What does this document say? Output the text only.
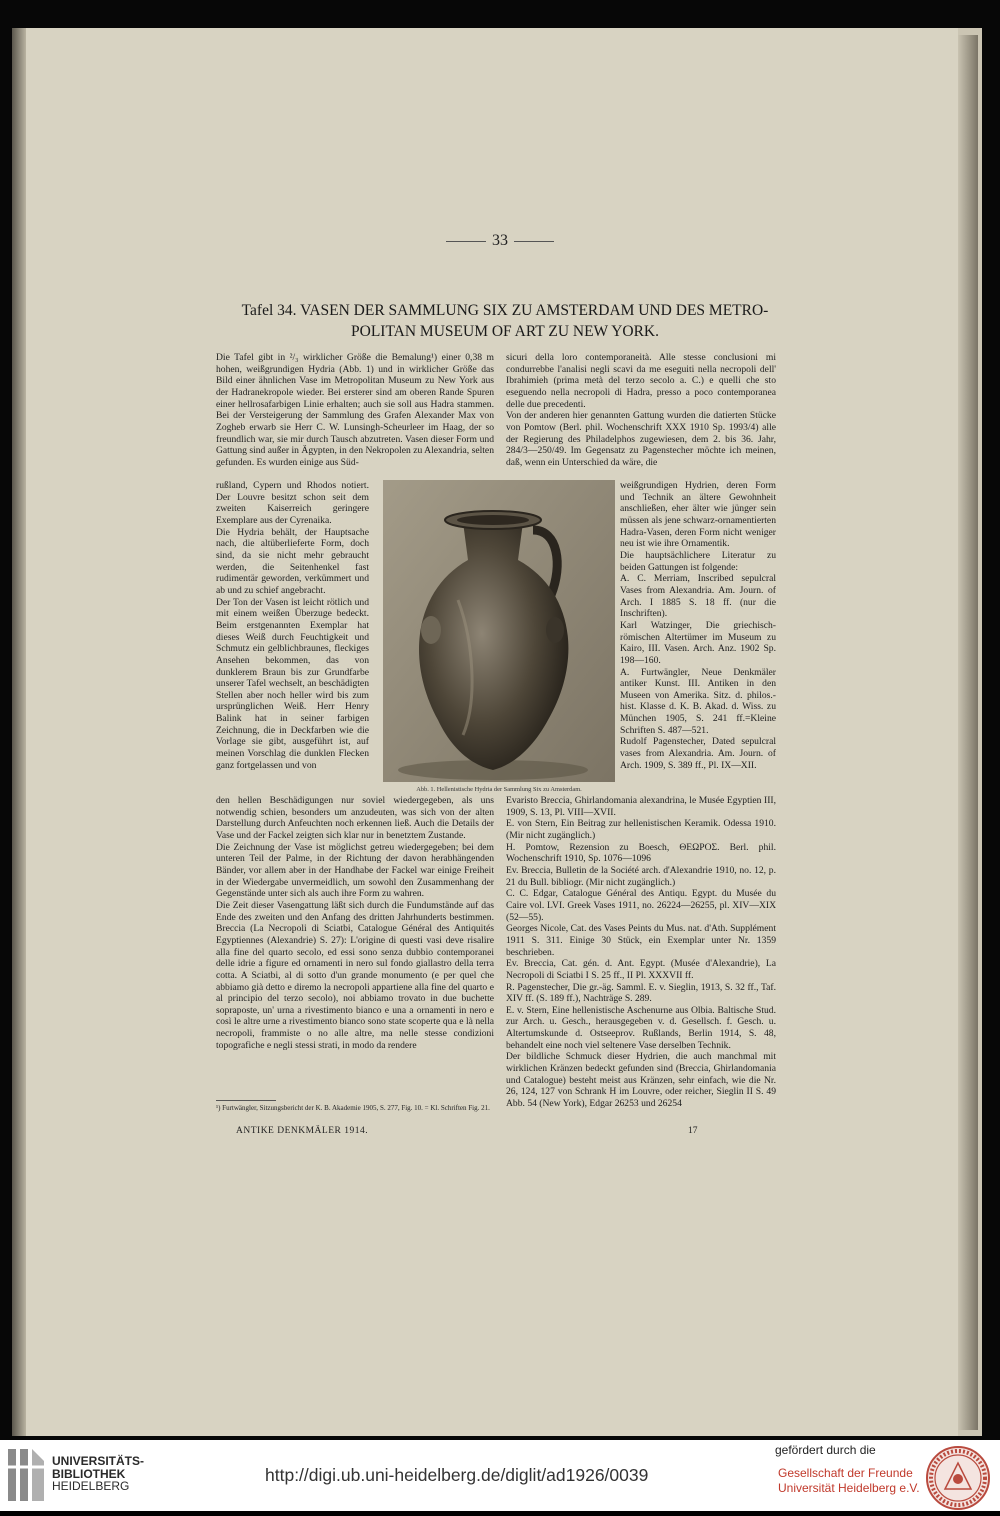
33
Tafel 34. VASEN DER SAMMLUNG SIX ZU AMSTERDAM UND DES METRO-
POLITAN MUSEUM OF ART ZU NEW YORK.
Die Tafel gibt in ²/₃ wirklicher Größe die Bemalung¹) einer 0,38 m hohen, weißgrundigen Hydria (Abb. 1) und in wirklicher Größe das Bild einer ähnlichen Vase im Metropolitan Museum zu New York aus der Hadranekropole wieder. Bei ersterer sind am oberen Rande Spuren einer hellrosafarbigen Linie erhalten; auch sie soll aus Hadra stammen. Bei der Versteigerung der Sammlung des Grafen Alexander Max von Zogheb erwarb sie Herr C. W. Lunsingh-Scheurleer im Haag, der so freundlich war, sie mir durch Tausch abzutreten. Vasen dieser Form und Gattung sind außer in Ägypten, in den Nekropolen zu Alexandria, selten gefunden. Es wurden einige aus Süd-
rußland, Cypern und Rhodos notiert. Der Louvre besitzt schon seit dem zweiten Kaiserreich geringere Exemplare aus der Cyrenaika.
Die Hydria behält, der Hauptsache nach, die altüberlieferte Form, doch sind, da sie nicht mehr gebraucht werden, die Seitenhenkel fast rudimentär geworden, verkümmert und ab und zu schief angebracht.
Der Ton der Vasen ist leicht rötlich und mit einem weißen Überzuge bedeckt. Beim erstgenannten Exemplar hat dieses Weiß durch Feuchtigkeit und Schmutz ein gelblichbraunes, fleckiges Ansehen bekommen, das von dunklerem Braun bis zur Grundfarbe unserer Tafel wechselt, an beschädigten Stellen aber noch heller wird bis zum ursprünglichen Weiß. Herr Henry Balink hat in seiner farbigen Zeichnung, die in Deckfarben wie die Vorlage sie gibt, ausgeführt ist, auf meinen Vorschlag die dunklen Flecken ganz fortgelassen und von
den hellen Beschädigungen nur soviel wiedergegeben, als uns notwendig schien, besonders um anzudeuten, was sich von der alten Darstellung durch Anfeuchten noch erkennen ließ. Auch die Details der Vase und der Fackel zeigten sich klar nur in benetztem Zustande.
Die Zeichnung der Vase ist möglichst getreu wiedergegeben; bei dem unteren Teil der Palme, in der Richtung der davon herabhängenden Bänder, vor allem aber in der Handhabe der Fackel war einige Freiheit in der Wiedergabe unvermeidlich, um sowohl den Zusammenhang der Gegenstände unter sich als auch ihre Form zu wahren.
Die Zeit dieser Vasengattung läßt sich durch die Fundumstände auf das Ende des zweiten und den Anfang des dritten Jahrhunderts bestimmen. Breccia (La Necropoli di Sciatbi, Catalogue Général des Antiquités Egyptiennes (Alexandrie) S. 27): L'origine di questi vasi deve risalire alla fine del quarto secolo, ed essi sono senza dubbio contemporanei delle idrie a figure ed ornamenti in nero sul fondo giallastro della terra cotta. A Sciatbi, al di sotto d'un grande monumento (e per quel che abbiamo già detto e diremo la necropoli appartiene alla fine del quarto e al principio del terzo secolo), noi abbiamo trovato in due buchette sopraposte, un' urna a rivestimento bianco e una a ornamenti in nero e così le altre urne a rivestimento bianco sono state scoperte qua e là nella necropoli, frammiste o no alle altre, ma nelle stesse condizioni topografiche e negli stessi strati, in modo da rendere
sicuri della loro contemporaneità. Alle stesse conclusioni mi condurrebbe l'analisi negli scavi da me eseguiti nella necropoli dell' Ibrahimieh (prima metà del terzo secolo a. C.) e quelli che sto eseguendo nella necropoli di Hadra, presso a poco contemporanea delle due precedenti.
Von der anderen hier genannten Gattung wurden die datierten Stücke von Pomtow (Berl. phil. Wochenschrift XXX 1910 Sp. 1993/4) alle der Regierung des Philadelphos zugewiesen, dem 2. bis 36. Jahr, 284/3—250/49. Im Gegensatz zu Pagenstecher möchte ich meinen, daß, wenn ein Unterschied da wäre, die
weißgrundigen Hydrien, deren Form und Technik an ältere Gewohnheit anschließen, eher älter wie jünger sein müssen als jene schwarz-ornamentierten Hadra-Vasen, deren Form nicht weniger neu ist wie ihre Ornamentik.
Die hauptsächlichere Literatur zu beiden Gattungen ist folgende:
A. C. Merriam, Inscribed sepulcral Vases from Alexandria. Am. Journ. of Arch. I 1885 S. 18 ff. (nur die Inschriften).
Karl Watzinger, Die griechisch-römischen Altertümer im Museum zu Kairo, III. Vasen. Arch. Anz. 1902 Sp. 198—160.
A. Furtwängler, Neue Denkmäler antiker Kunst. III. Antiken in den Museen von Amerika. Sitz. d. philos.-hist. Klasse d. K. B. Akad. d. Wiss. zu München 1905, S. 241 ff.=Kleine Schriften S. 487—521.
Rudolf Pagenstecher, Dated sepulcral vases from Alexandria. Am. Journ. of Arch. 1909, S. 389 ff., Pl. IX—XII.
Evaristo Breccia, Ghirlandomania alexandrina, le Musée Egyptien III, 1909, S. 13, Pl. VIII—XVII.
E. von Stern, Ein Beitrag zur hellenistischen Keramik. Odessa 1910. (Mir nicht zugänglich.)
H. Pomtow, Rezension zu Boesch, ΘΕΩΡΟΣ. Berl. phil. Wochenschrift 1910, Sp. 1076—1096
Ev. Breccia, Bulletin de la Société arch. d'Alexandrie 1910, no. 12, p. 21 du Bull. bibliogr. (Mir nicht zugänglich.)
C. C. Edgar, Catalogue Général des Antiqu. Egypt. du Musée du Caire vol. LVI. Greek Vases 1911, no. 26224—26255, pl. XIV—XIX (52—55).
Georges Nicole, Cat. des Vases Peints du Mus. nat. d'Ath. Supplément 1911 S. 311. Einige 30 Stück, ein Exemplar unter Nr. 1359 beschrieben.
Ev. Breccia, Cat. gén. d. Ant. Egypt. (Musée d'Alexandrie), La Necropoli di Sciatbi I S. 25 ff., II Pl. XXXVII ff.
R. Pagenstecher, Die gr.-äg. Samml. E. v. Sieglin, 1913, S. 32 ff., Taf. XIV ff. (S. 189 ff.), Nachträge S. 289.
E. v. Stern, Eine hellenistische Aschenurne aus Olbia. Baltische Stud. zur Arch. u. Gesch., herausgegeben v. d. Gesellsch. f. Gesch. u. Altertumskunde d. Ostseeprov. Rußlands, Berlin 1914, S. 48, behandelt eine noch viel seltenere Vase derselben Technik.
Der bildliche Schmuck dieser Hydrien, die auch manchmal mit wirklichen Kränzen bedeckt gefunden sind (Breccia, Ghirlandomania und Catalogue) besteht meist aus Kränzen, sehr einfach, wie die Nr. 26, 124, 127 von Schrank H im Louvre, oder reicher, Sieglin II S. 49 Abb. 54 (New York), Edgar 26253 und 26254
Abb. 1. Hellenistische Hydria der Sammlung Six zu Amsterdam.
¹) Furtwängler, Sitzungsbericht der K. B. Akademie 1905, S. 277, Fig. 10. = Kl. Schriften Fig. 21.
ANTIKE DENKMÄLER 1914.	17
UNIVERSITÄTS-
BIBLIOTHEK
HEIDELBERG
http://digi.ub.uni-heidelberg.de/diglit/ad1926/0039
gefördert durch die
Gesellschaft der Freunde
Universität Heidelberg e.V.
